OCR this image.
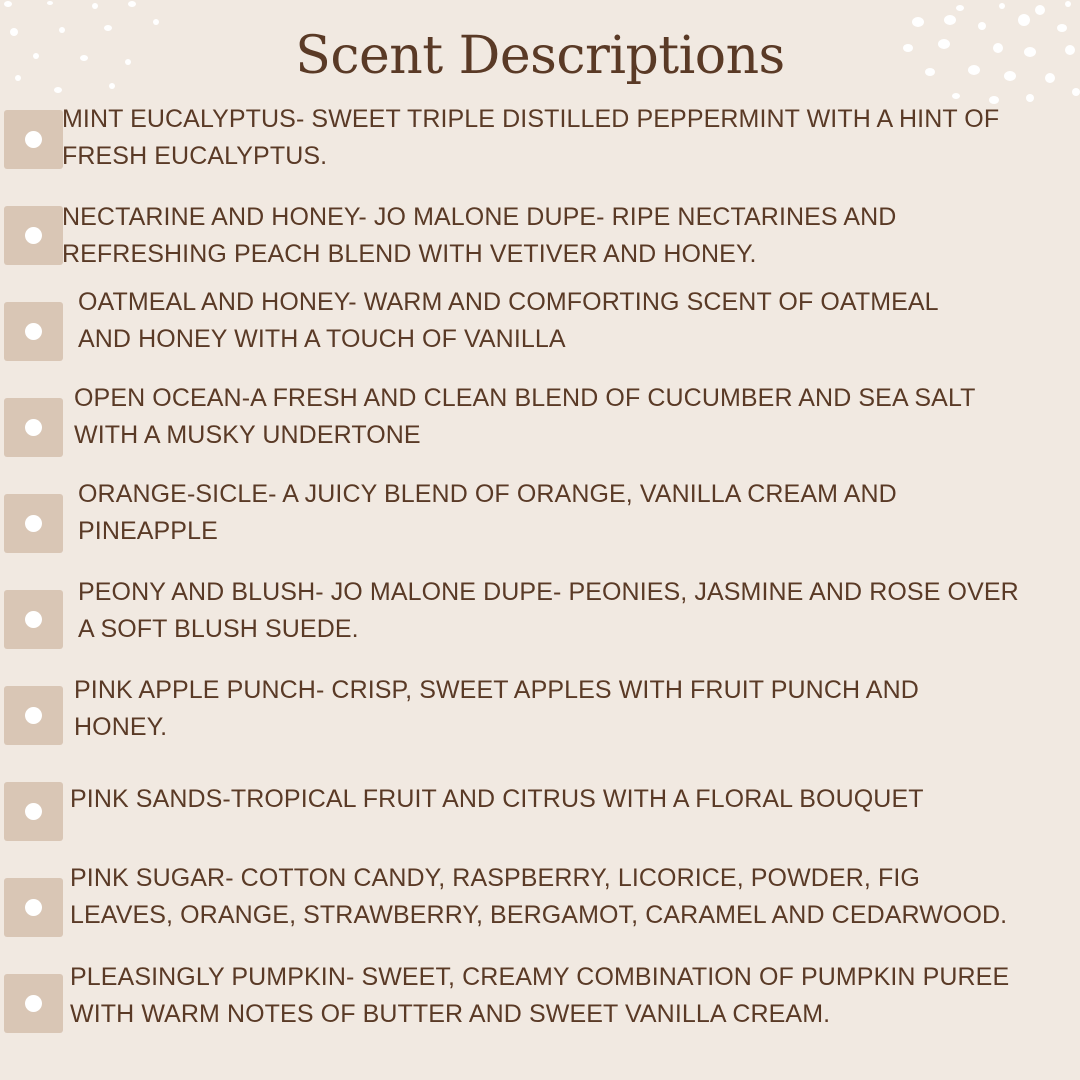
Scent Descriptions
MINT EUCALYPTUS- SWEET TRIPLE DISTILLED PEPPERMINT WITH A HINT OF
FRESH EUCALYPTUS.
NECTARINE AND HONEY- JO MALONE DUPE- RIPE NECTARINES AND
REFRESHING PEACH BLEND WITH VETIVER AND HONEY.
OATMEAL AND HONEY- WARM AND COMFORTING SCENT OF OATMEAL
AND HONEY WITH A TOUCH OF VANILLA
OPEN OCEAN-A FRESH AND CLEAN BLEND OF CUCUMBER AND SEA SALT
WITH A MUSKY UNDERTONE
ORANGE-SICLE- A JUICY BLEND OF ORANGE, VANILLA CREAM AND
PINEAPPLE
PEONY AND BLUSH- JO MALONE DUPE- PEONIES, JASMINE AND ROSE OVER
A SOFT BLUSH SUEDE.
PINK APPLE PUNCH- CRISP, SWEET APPLES WITH FRUIT PUNCH AND
HONEY.
PINK SANDS-TROPICAL FRUIT AND CITRUS WITH A FLORAL BOUQUET
PINK SUGAR- COTTON CANDY, RASPBERRY, LICORICE, POWDER, FIG
LEAVES, ORANGE, STRAWBERRY, BERGAMOT, CARAMEL AND CEDARWOOD.
PLEASINGLY PUMPKIN- SWEET, CREAMY COMBINATION OF PUMPKIN PUREE
WITH WARM NOTES OF BUTTER AND SWEET VANILLA CREAM.
